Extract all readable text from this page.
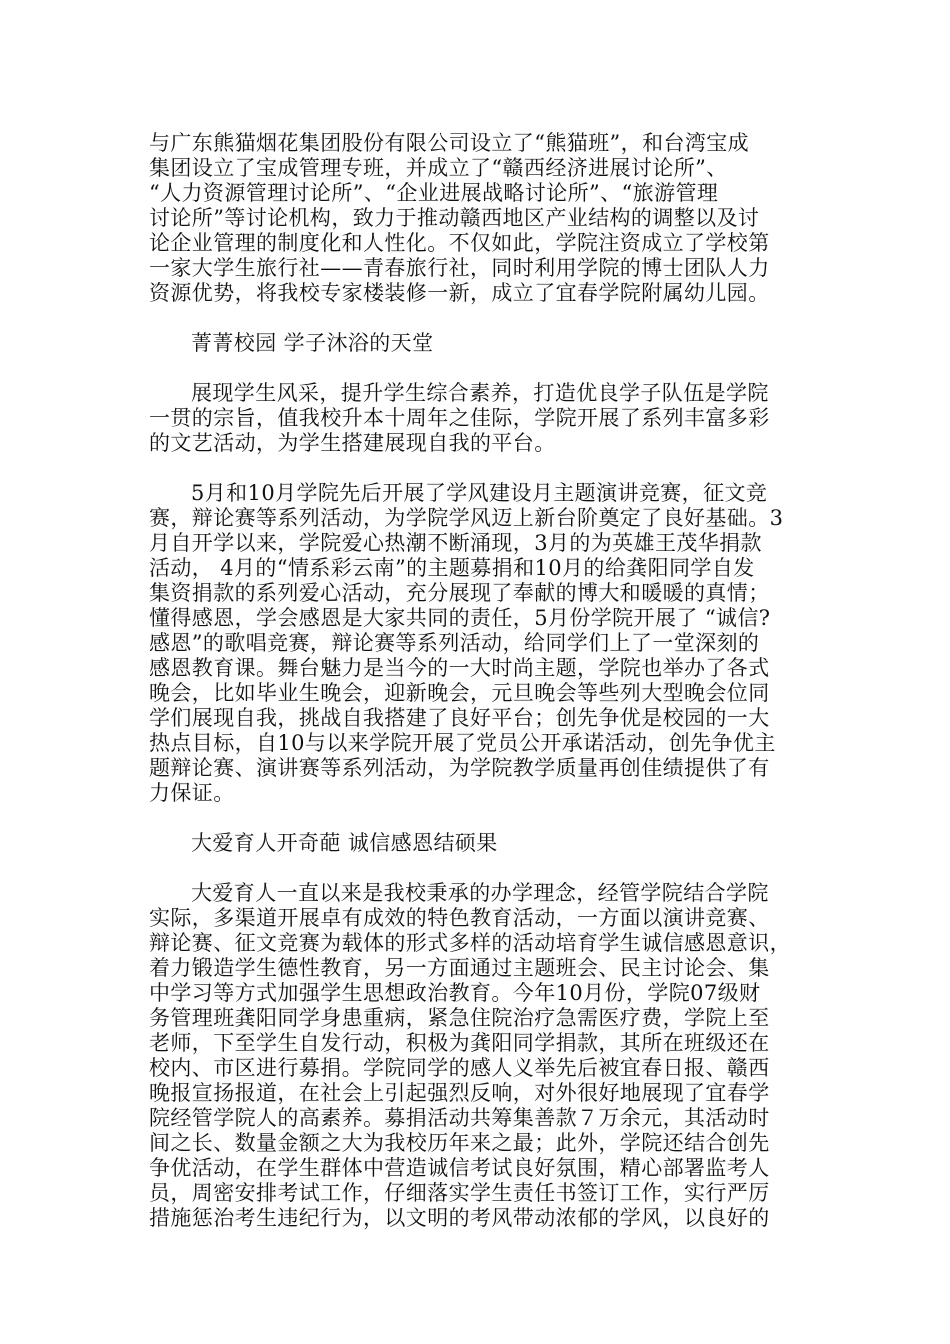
与广东熊猫烟花集团股份有限公司设立了“熊猫班”，和台湾宝成
集团设立了宝成管理专班，并成立了“赣西经济进展讨论所”、
“人力资源管理讨论所”、“企业进展战略讨论所”、“旅游管理
讨论所”等讨论机构，致力于推动赣西地区产业结构的调整以及讨
论企业管理的制度化和人性化。不仅如此，学院注资成立了学校第
一家大学生旅行社——青春旅行社，同时利用学院的博士团队人力
资源优势，将我校专家楼装修一新，成立了宜春学院附属幼儿园。
菁菁校园 学子沐浴的天堂
展现学生风采，提升学生综合素养，打造优良学子队伍是学院
一贯的宗旨，值我校升本十周年之佳际，学院开展了系列丰富多彩
的文艺活动，为学生搭建展现自我的平台。
5月和10月学院先后开展了学风建设月主题演讲竞赛，征文竞
赛，辩论赛等系列活动，为学院学风迈上新台阶奠定了良好基础。3
月自开学以来，学院爱心热潮不断涌现，3月的为英雄王茂华捐款
活动， 4月的“情系彩云南”的主题募捐和10月的给龚阳同学自发
集资捐款的系列爱心活动，充分展现了奉献的博大和暖暖的真情；
懂得感恩，学会感恩是大家共同的责任，5月份学院开展了 “诚信?
感恩”的歌唱竞赛，辩论赛等系列活动，给同学们上了一堂深刻的
感恩教育课。舞台魅力是当今的一大时尚主题，学院也举办了各式
晚会，比如毕业生晚会，迎新晚会，元旦晚会等些列大型晚会位同
学们展现自我，挑战自我搭建了良好平台；创先争优是校园的一大
热点目标，自10与以来学院开展了党员公开承诺活动，创先争优主
题辩论赛、演讲赛等系列活动，为学院教学质量再创佳绩提供了有
力保证。
大爱育人开奇葩 诚信感恩结硕果
大爱育人一直以来是我校秉承的办学理念，经管学院结合学院
实际，多渠道开展卓有成效的特色教育活动，一方面以演讲竞赛、
辩论赛、征文竞赛为载体的形式多样的活动培育学生诚信感恩意识，
着力锻造学生德性教育，另一方面通过主题班会、民主讨论会、集
中学习等方式加强学生思想政治教育。今年10月份，学院07级财
务管理班龚阳同学身患重病，紧急住院治疗急需医疗费，学院上至
老师，下至学生自发行动，积极为龚阳同学捐款，其所在班级还在
校内、市区进行募捐。学院同学的感人义举先后被宜春日报、赣西
晚报宣扬报道，在社会上引起强烈反响，对外很好地展现了宜春学
院经管学院人的高素养。募捐活动共筹集善款７万余元，其活动时
间之长、数量金额之大为我校历年来之最；此外，学院还结合创先
争优活动，在学生群体中营造诚信考试良好氛围，精心部署监考人
员，周密安排考试工作，仔细落实学生责任书签订工作，实行严厉
措施惩治考生违纪行为，以文明的考风带动浓郁的学风，以良好的
